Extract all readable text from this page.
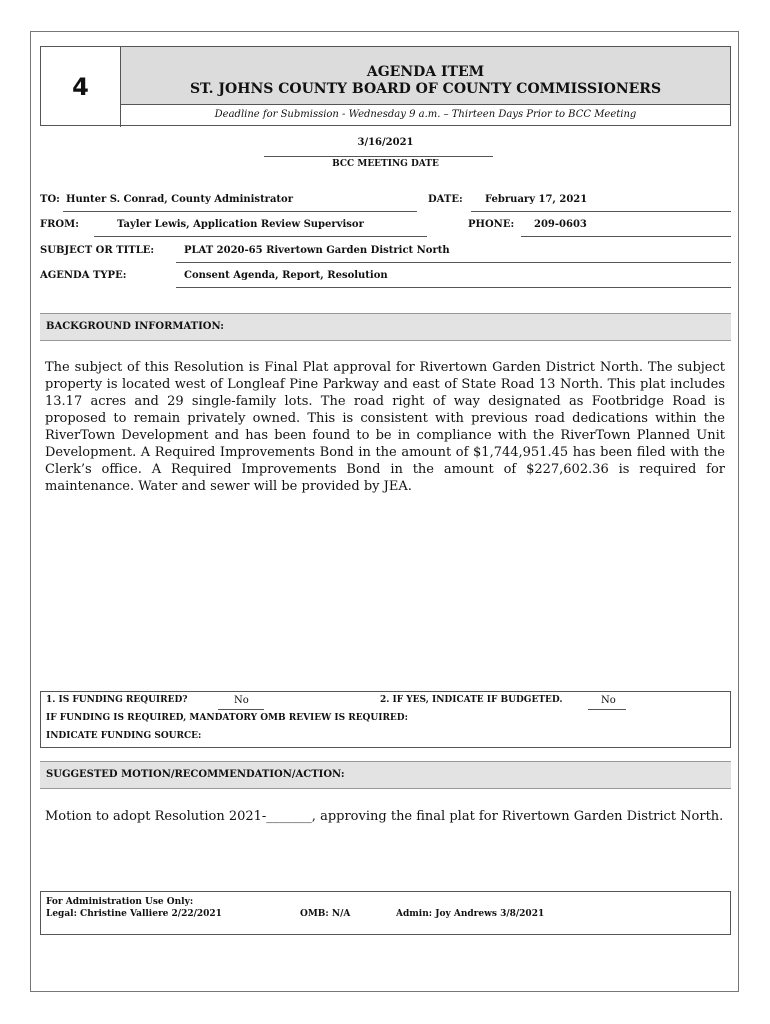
4
AGENDA ITEM
ST. JOHNS COUNTY BOARD OF COUNTY COMMISSIONERS
Deadline for Submission - Wednesday 9 a.m. – Thirteen Days Prior to BCC Meeting
3/16/2021
BCC MEETING DATE
TO: Hunter S. Conrad, County Administrator	DATE: February 17, 2021
FROM:	Tayler Lewis, Application Review Supervisor	PHONE: 209-0603
SUBJECT OR TITLE:	PLAT 2020-65 Rivertown Garden District North
AGENDA TYPE:	Consent Agenda, Report, Resolution
BACKGROUND INFORMATION:
The subject of this Resolution is Final Plat approval for Rivertown Garden District North. The subject property is located west of Longleaf Pine Parkway and east of State Road 13 North. This plat includes 13.17 acres and 29 single-family lots. The road right of way designated as Footbridge Road is proposed to remain privately owned. This is consistent with previous road dedications within the RiverTown Development and has been found to be in compliance with the RiverTown Planned Unit Development. A Required Improvements Bond in the amount of $1,744,951.45 has been filed with the Clerk’s office. A Required Improvements Bond in the amount of $227,602.36 is required for maintenance. Water and sewer will be provided by JEA.
1. IS FUNDING REQUIRED?	No	2. IF YES, INDICATE IF BUDGETED.	No
IF FUNDING IS REQUIRED, MANDATORY OMB REVIEW IS REQUIRED:
INDICATE FUNDING SOURCE:
SUGGESTED MOTION/RECOMMENDATION/ACTION:
Motion to adopt Resolution 2021-_______, approving the final plat for Rivertown Garden District North.
For Administration Use Only:
Legal: Christine Valliere 2/22/2021	OMB: N/A	Admin: Joy Andrews 3/8/2021
